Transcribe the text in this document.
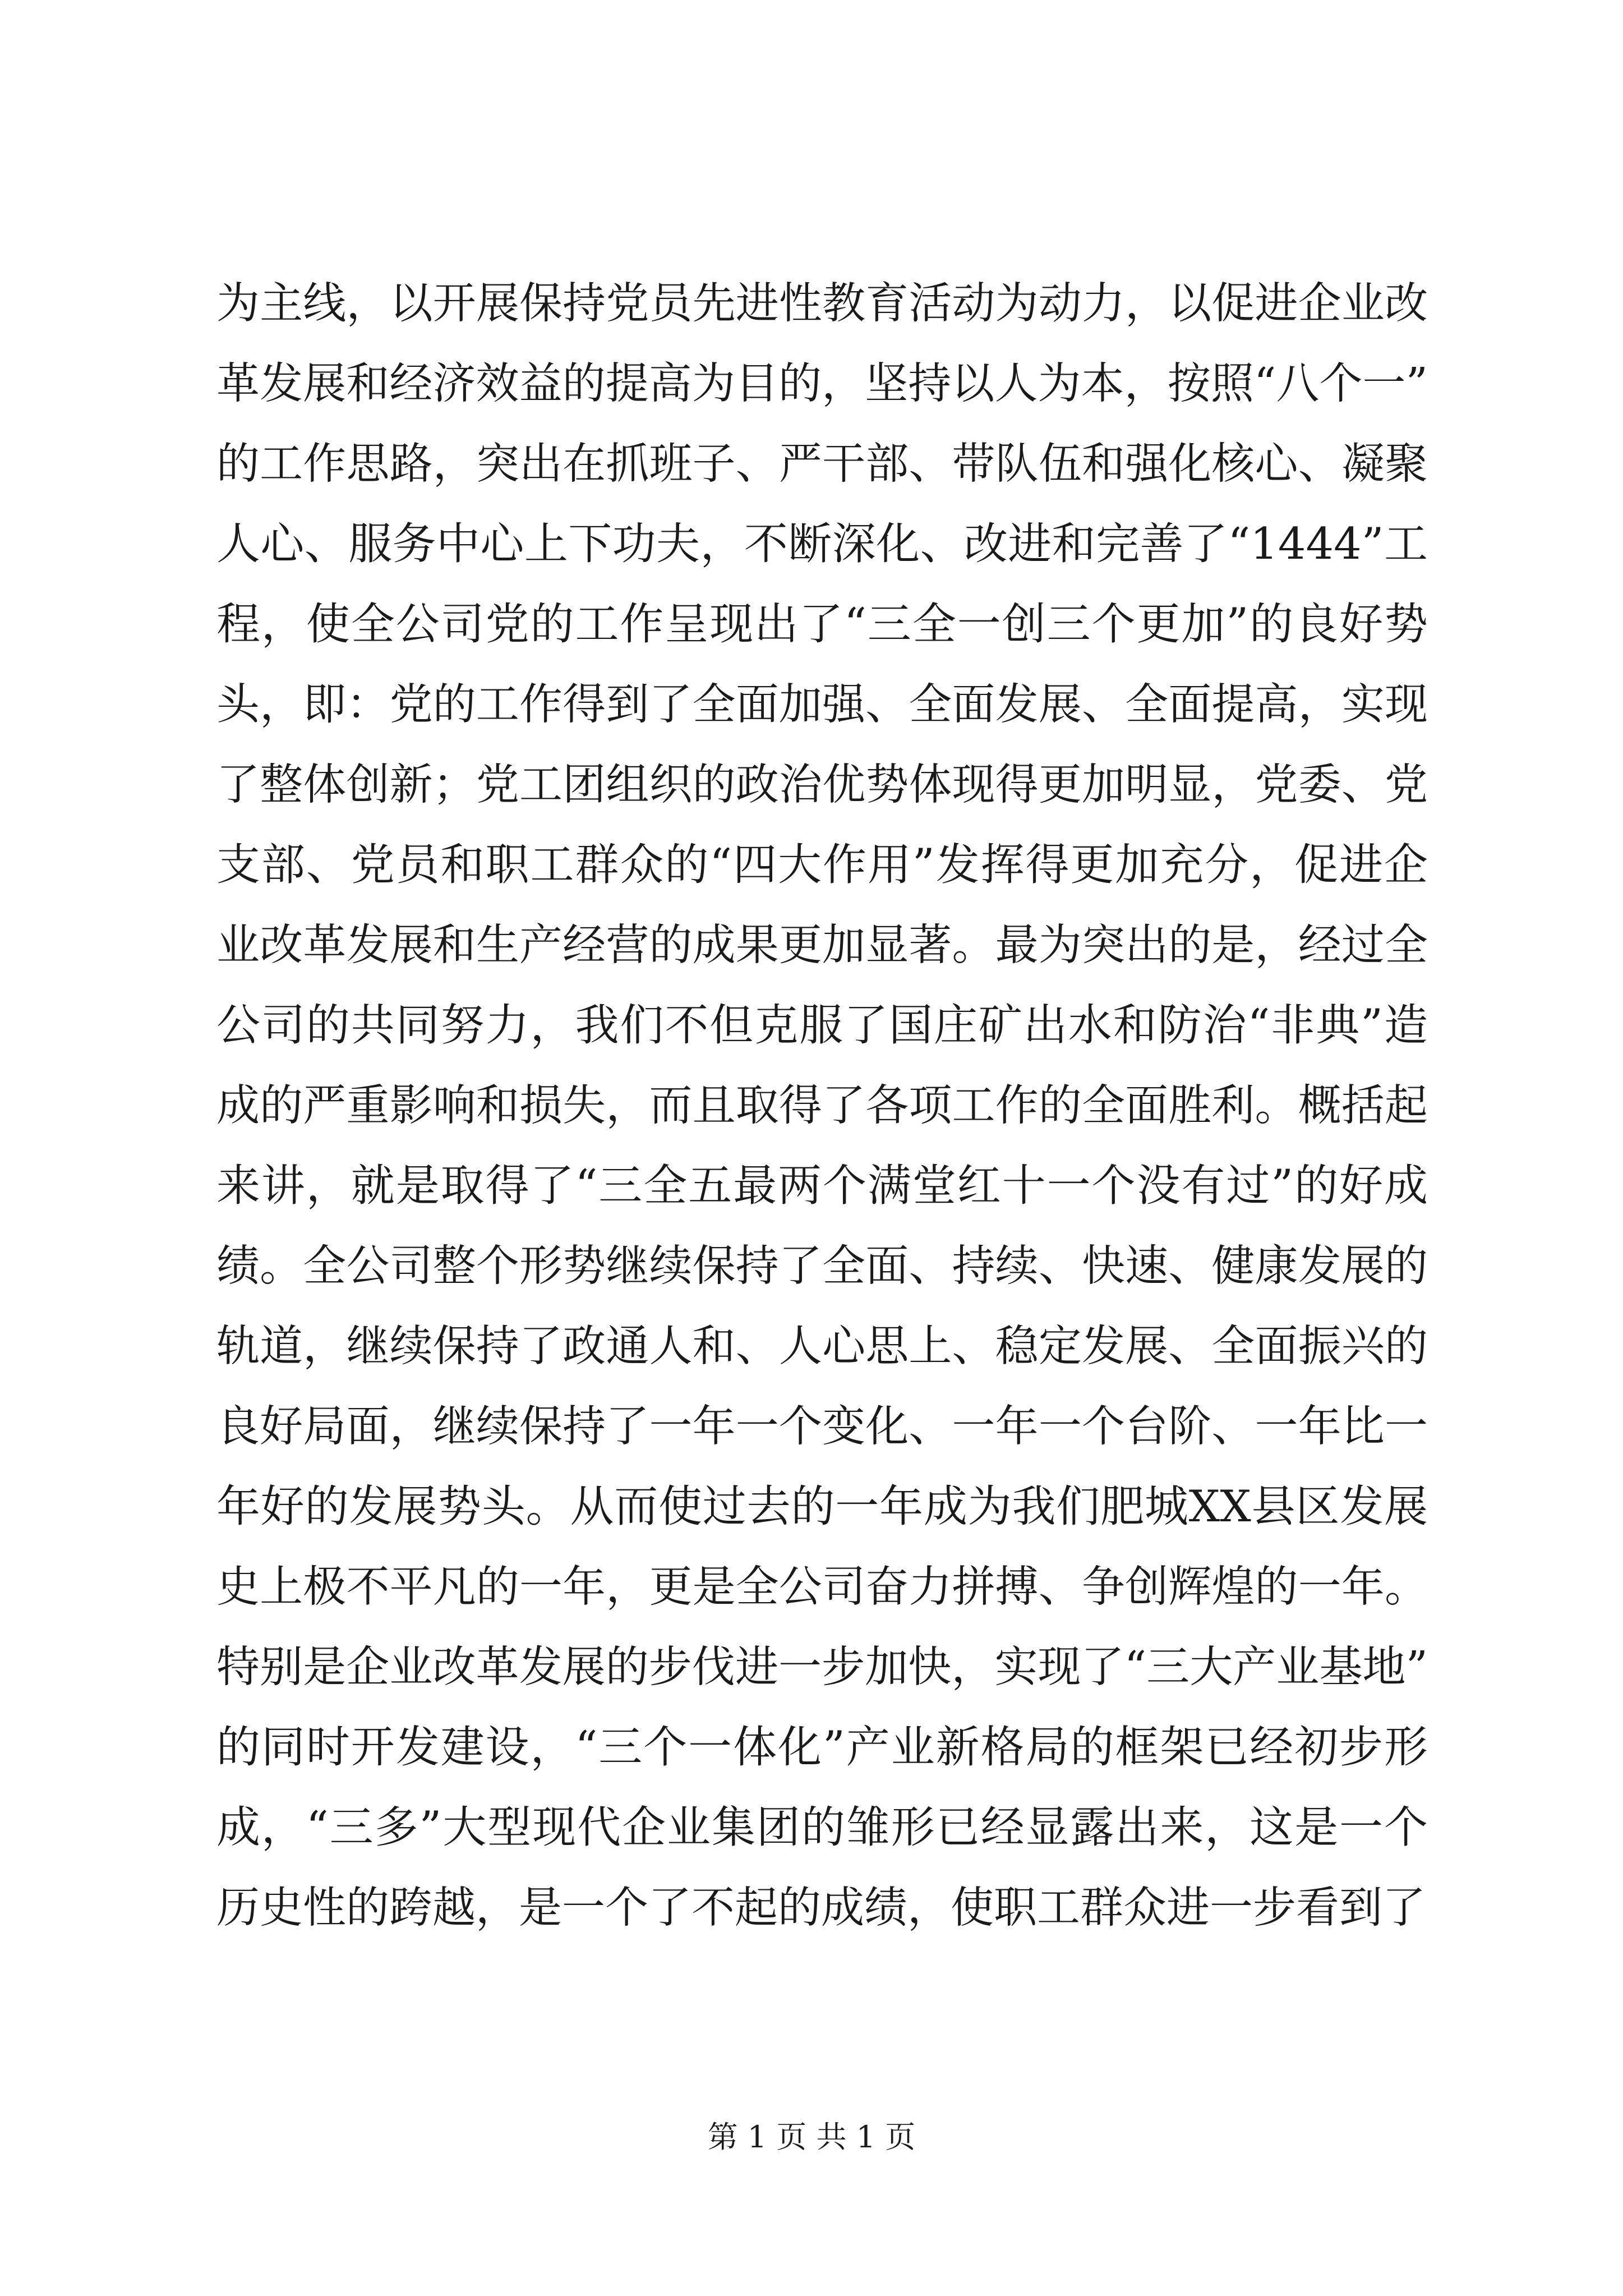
为主线，以开展保持党员先进性教育活动为动力，以促进企业改
革发展和经济效益的提高为目的，坚持以人为本，按照“八个一”
的工作思路，突出在抓班子、严干部、带队伍和强化核心、凝聚
人心、服务中心上下功夫，不断深化、改进和完善了“1444”工
程，使全公司党的工作呈现出了“三全一创三个更加”的良好势
头，即：党的工作得到了全面加强、全面发展、全面提高，实现
了整体创新；党工团组织的政治优势体现得更加明显，党委、党
支部、党员和职工群众的“四大作用”发挥得更加充分，促进企
业改革发展和生产经营的成果更加显著。最为突出的是，经过全
公司的共同努力，我们不但克服了国庄矿出水和防治“非典”造
成的严重影响和损失，而且取得了各项工作的全面胜利。概括起
来讲，就是取得了“三全五最两个满堂红十一个没有过”的好成
绩。全公司整个形势继续保持了全面、持续、快速、健康发展的
轨道，继续保持了政通人和、人心思上、稳定发展、全面振兴的
良好局面，继续保持了一年一个变化、一年一个台阶、一年比一
年好的发展势头。从而使过去的一年成为我们肥城XX县区发展
史上极不平凡的一年，更是全公司奋力拼搏、争创辉煌的一年。
特别是企业改革发展的步伐进一步加快，实现了“三大产业基地”
的同时开发建设，“三个一体化”产业新格局的框架已经初步形
成，“三多”大型现代企业集团的雏形已经显露出来，这是一个
历史性的跨越，是一个了不起的成绩，使职工群众进一步看到了
第 1 页 共 1 页
